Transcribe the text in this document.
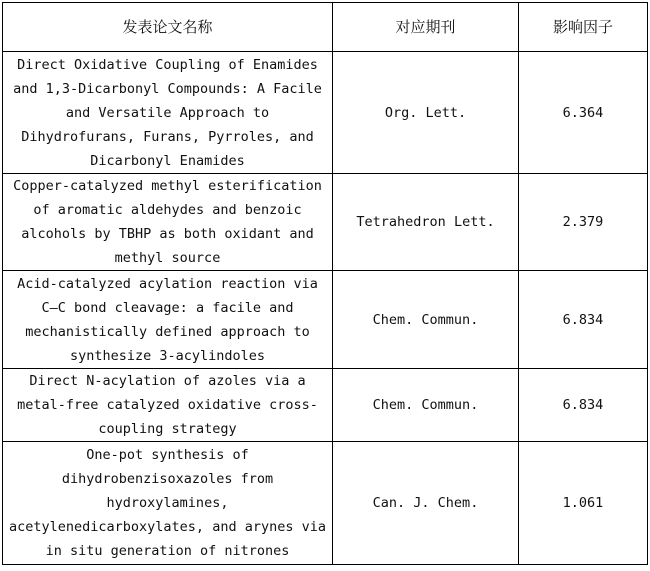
发表论文名称	对应期刊	影响因子

Direct Oxidative Coupling of Enamides and 1,3-Dicarbonyl Compounds: A Facile and Versatile Approach to Dihydrofurans, Furans, Pyrroles, and Dicarbonyl Enamides	Org. Lett.	6.364

Copper-catalyzed methyl esterification of aromatic aldehydes and benzoic alcohols by TBHP as both oxidant and methyl source	Tetrahedron Lett.	2.379

Acid-catalyzed acylation reaction via C–C bond cleavage: a facile and mechanistically defined approach to synthesize 3-acylindoles	Chem. Commun.	6.834

Direct N-acylation of azoles via a metal-free catalyzed oxidative cross-coupling strategy	Chem. Commun.	6.834

One-pot synthesis of dihydrobenzisoxazoles from hydroxylamines, acetylenedicarboxylates, and arynes via in situ generation of nitrones	Can. J. Chem.	1.061
